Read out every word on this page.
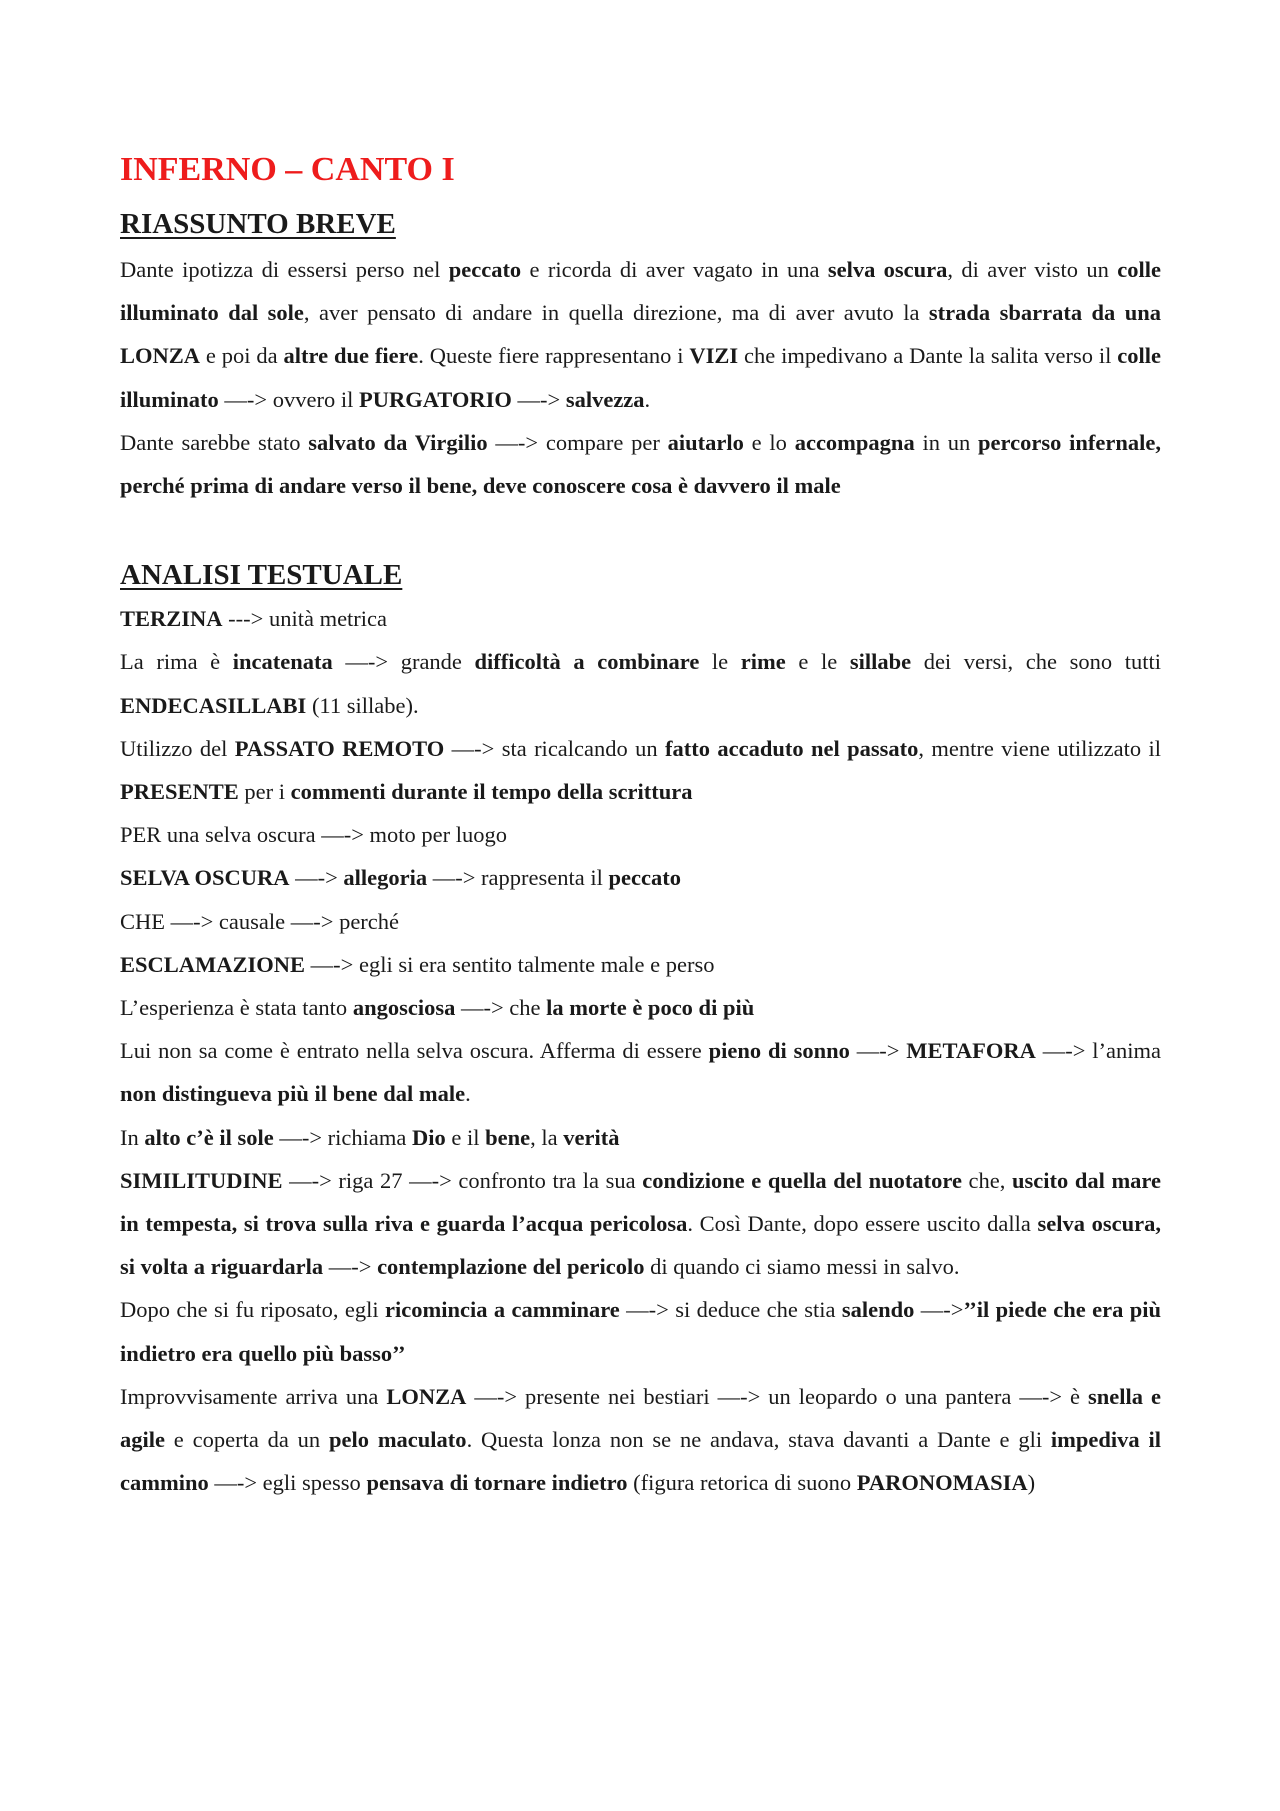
INFERNO – CANTO I
RIASSUNTO BREVE

Dante ipotizza di essersi perso nel peccato e ricorda di aver vagato in una selva oscura, di aver visto un colle illuminato dal sole, aver pensato di andare in quella direzione, ma di aver avuto la strada sbarrata da una LONZA e poi da altre due fiere. Queste fiere rappresentano i VIZI che impedivano a Dante la salita verso il colle illuminato —-> ovvero il PURGATORIO —-> salvezza.

Dante sarebbe stato salvato da Virgilio —-> compare per aiutarlo e lo accompagna in un percorso infernale, perché prima di andare verso il bene, deve conoscere cosa è davvero il male

ANALISI TESTUALE

TERZINA ---> unità metrica

La rima è incatenata —-> grande difficoltà a combinare le rime e le sillabe dei versi, che sono tutti ENDECASILLABI (11 sillabe).

Utilizzo del PASSATO REMOTO —-> sta ricalcando un fatto accaduto nel passato, mentre viene utilizzato il PRESENTE per i commenti durante il tempo della scrittura

PER una selva oscura —-> moto per luogo

SELVA OSCURA —-> allegoria —-> rappresenta il peccato

CHE —-> causale —-> perché

ESCLAMAZIONE —-> egli si era sentito talmente male e perso

L’esperienza è stata tanto angosciosa —-> che la morte è poco di più

Lui non sa come è entrato nella selva oscura. Afferma di essere pieno di sonno —-> METAFORA —-> l’anima non distingueva più il bene dal male.

In alto c’è il sole —-> richiama Dio e il bene, la verità

SIMILITUDINE —-> riga 27 —-> confronto tra la sua condizione e quella del nuotatore che, uscito dal mare in tempesta, si trova sulla riva e guarda l’acqua pericolosa. Così Dante, dopo essere uscito dalla selva oscura, si volta a riguardarla —-> contemplazione del pericolo di quando ci siamo messi in salvo.

Dopo che si fu riposato, egli ricomincia a camminare —-> si deduce che stia salendo —->’’il piede che era più indietro era quello più basso’’

Improvvisamente arriva una LONZA —-> presente nei bestiari —-> un leopardo o una pantera —-> è snella e agile e coperta da un pelo maculato. Questa lonza non se ne andava, stava davanti a Dante e gli impediva il cammino —-> egli spesso pensava di tornare indietro (figura retorica di suono PARONOMASIA)
